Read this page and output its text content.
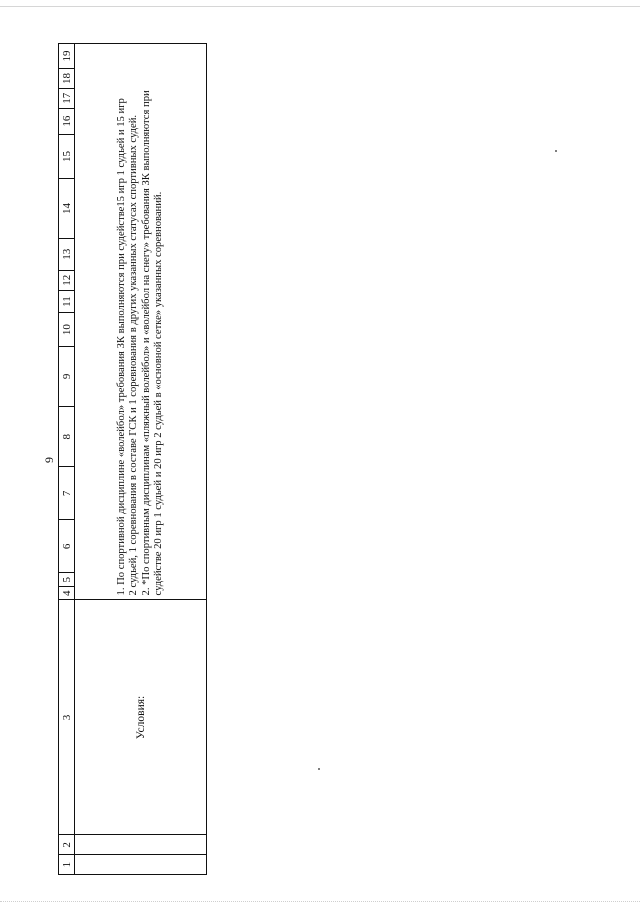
9
1	2	3	4	5	6	7	8	9	10	11	12	13	14	15	16	17	18	19
		Условия:	1. По спортивной дисциплине «волейбол» требования ЗК выполняются при судействе15 игр 1 судьей и 15 игр 2 судьей, 1 соревнования в составе ГСК и 1 соревнования в других указанных статусах спортивных судей. 2. *По спортивным дисциплинам «пляжный волейбол» и «волейбол на снегу» требования ЗК выполняются при судействе 20 игр 1 судьей и 20 игр 2 судьей в «основной сетке» указанных соревнований.															
